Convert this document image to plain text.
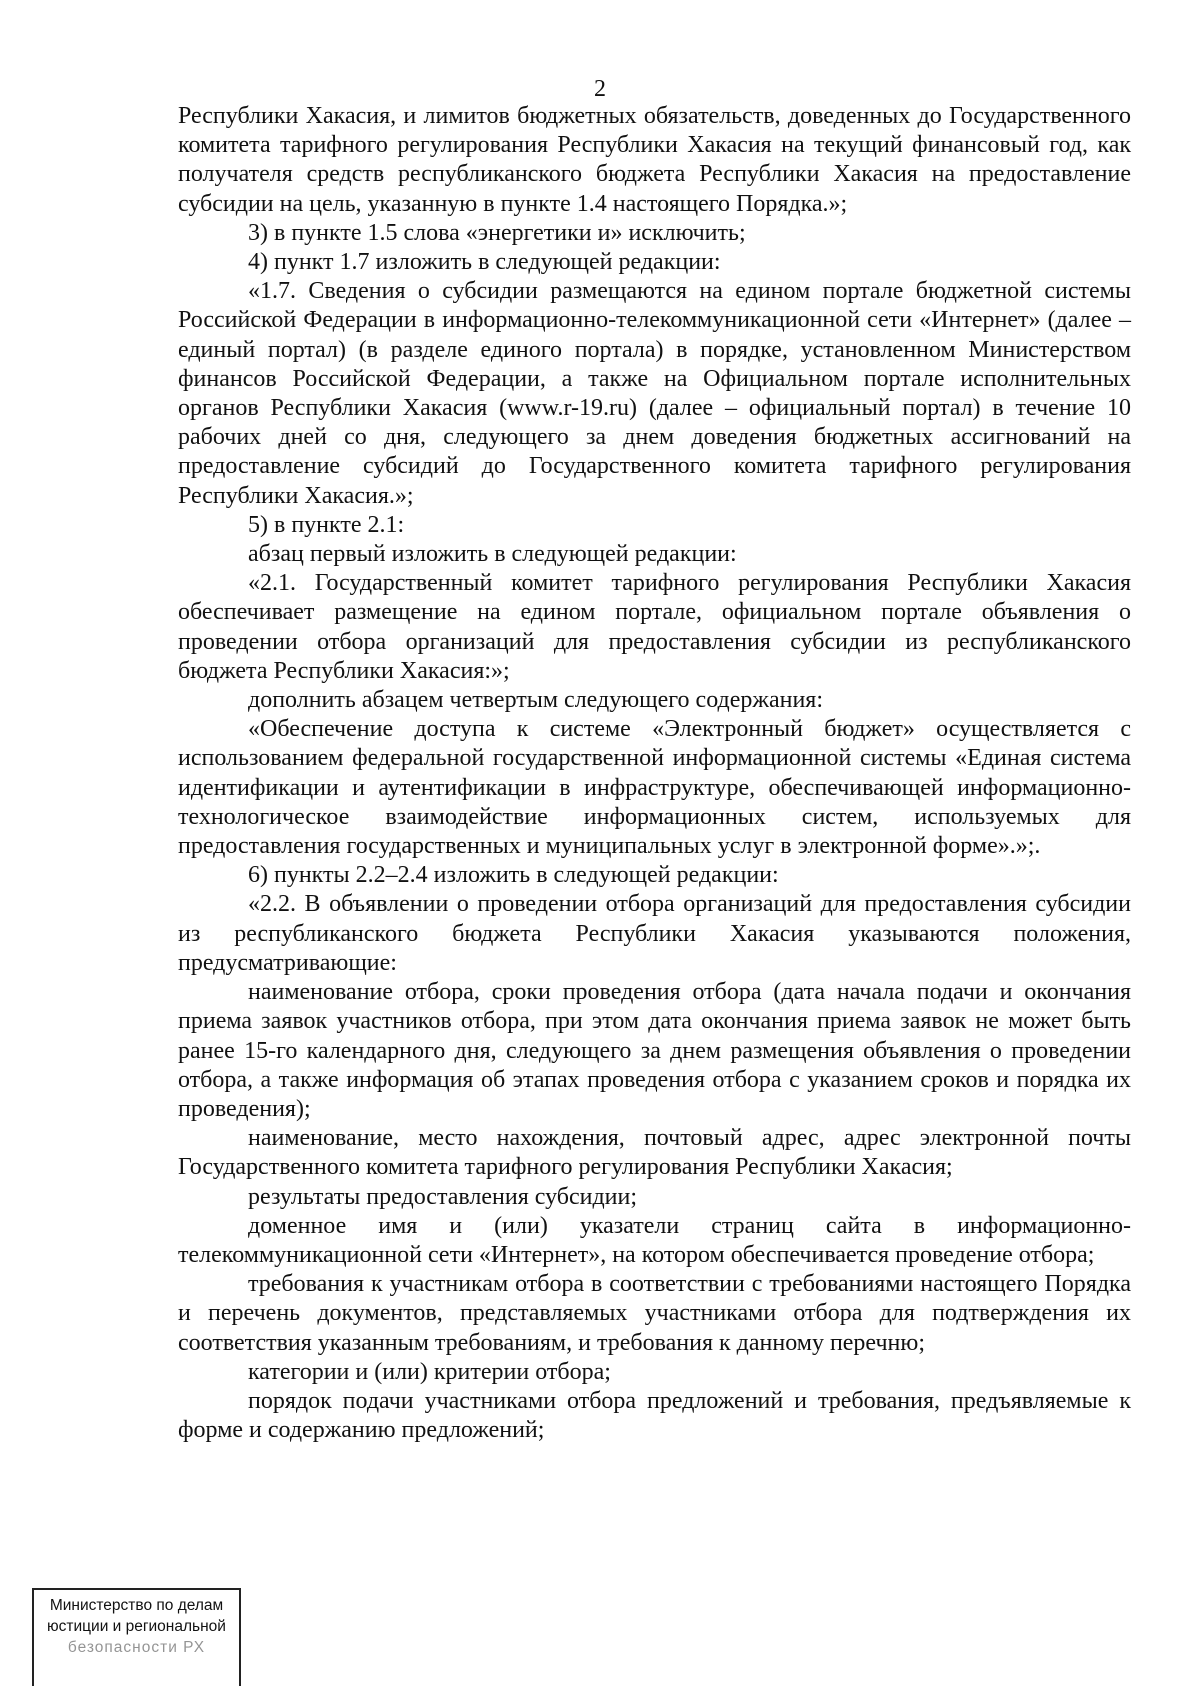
2

Республики Хакасия, и лимитов бюджетных обязательств, доведенных до Государственного комитета тарифного регулирования Республики Хакасия на текущий финансовый год, как получателя средств республиканского бюджета Республики Хакасия на предоставление субсидии на цель, указанную в пункте 1.4 настоящего Порядка.»;

3) в пункте 1.5 слова «энергетики и» исключить;

4) пункт 1.7 изложить в следующей редакции:

«1.7. Сведения о субсидии размещаются на едином портале бюджетной системы Российской Федерации в информационно-телекоммуникационной сети «Интернет» (далее – единый портал) (в разделе единого портала) в порядке, установленном Министерством финансов Российской Федерации, а также на Официальном портале исполнительных органов Республики Хакасия (www.r-19.ru) (далее – официальный портал) в течение 10 рабочих дней со дня, следующего за днем доведения бюджетных ассигнований на предоставление субсидий до Государственного комитета тарифного регулирования Республики Хакасия.»;

5) в пункте 2.1:

абзац первый изложить в следующей редакции:

«2.1. Государственный комитет тарифного регулирования Республики Хакасия обеспечивает размещение на едином портале, официальном портале объявления о проведении отбора организаций для предоставления субсидии из республиканского бюджета Республики Хакасия:»;

дополнить абзацем четвертым следующего содержания:

«Обеспечение доступа к системе «Электронный бюджет» осуществляется с использованием федеральной государственной информационной системы «Единая система идентификации и аутентификации в инфраструктуре, обеспечивающей информационно-технологическое взаимодействие информационных систем, используемых для предоставления государственных и муниципальных услуг в электронной форме».»;.

6) пункты 2.2–2.4 изложить в следующей редакции:

«2.2. В объявлении о проведении отбора организаций для предоставления субсидии из республиканского бюджета Республики Хакасия указываются положения, предусматривающие:

наименование отбора, сроки проведения отбора (дата начала подачи и окончания приема заявок участников отбора, при этом дата окончания приема заявок не может быть ранее 15-го календарного дня, следующего за днем размещения объявления о проведении отбора, а также информация об этапах проведения отбора с указанием сроков и порядка их проведения);

наименование, место нахождения, почтовый адрес, адрес электронной почты Государственного комитета тарифного регулирования Республики Хакасия;

результаты предоставления субсидии;

доменное имя и (или) указатели страниц сайта в информационно-телекоммуникационной сети «Интернет», на котором обеспечивается проведение отбора;

требования к участникам отбора в соответствии с требованиями настоящего Порядка и перечень документов, представляемых участниками отбора для подтверждения их соответствия указанным требованиям, и требования к данному перечню;

категории и (или) критерии отбора;

порядок подачи участниками отбора предложений и требования, предъявляемые к форме и содержанию предложений;

Министерство по делам
юстиции и региональной
безопасности РХ
